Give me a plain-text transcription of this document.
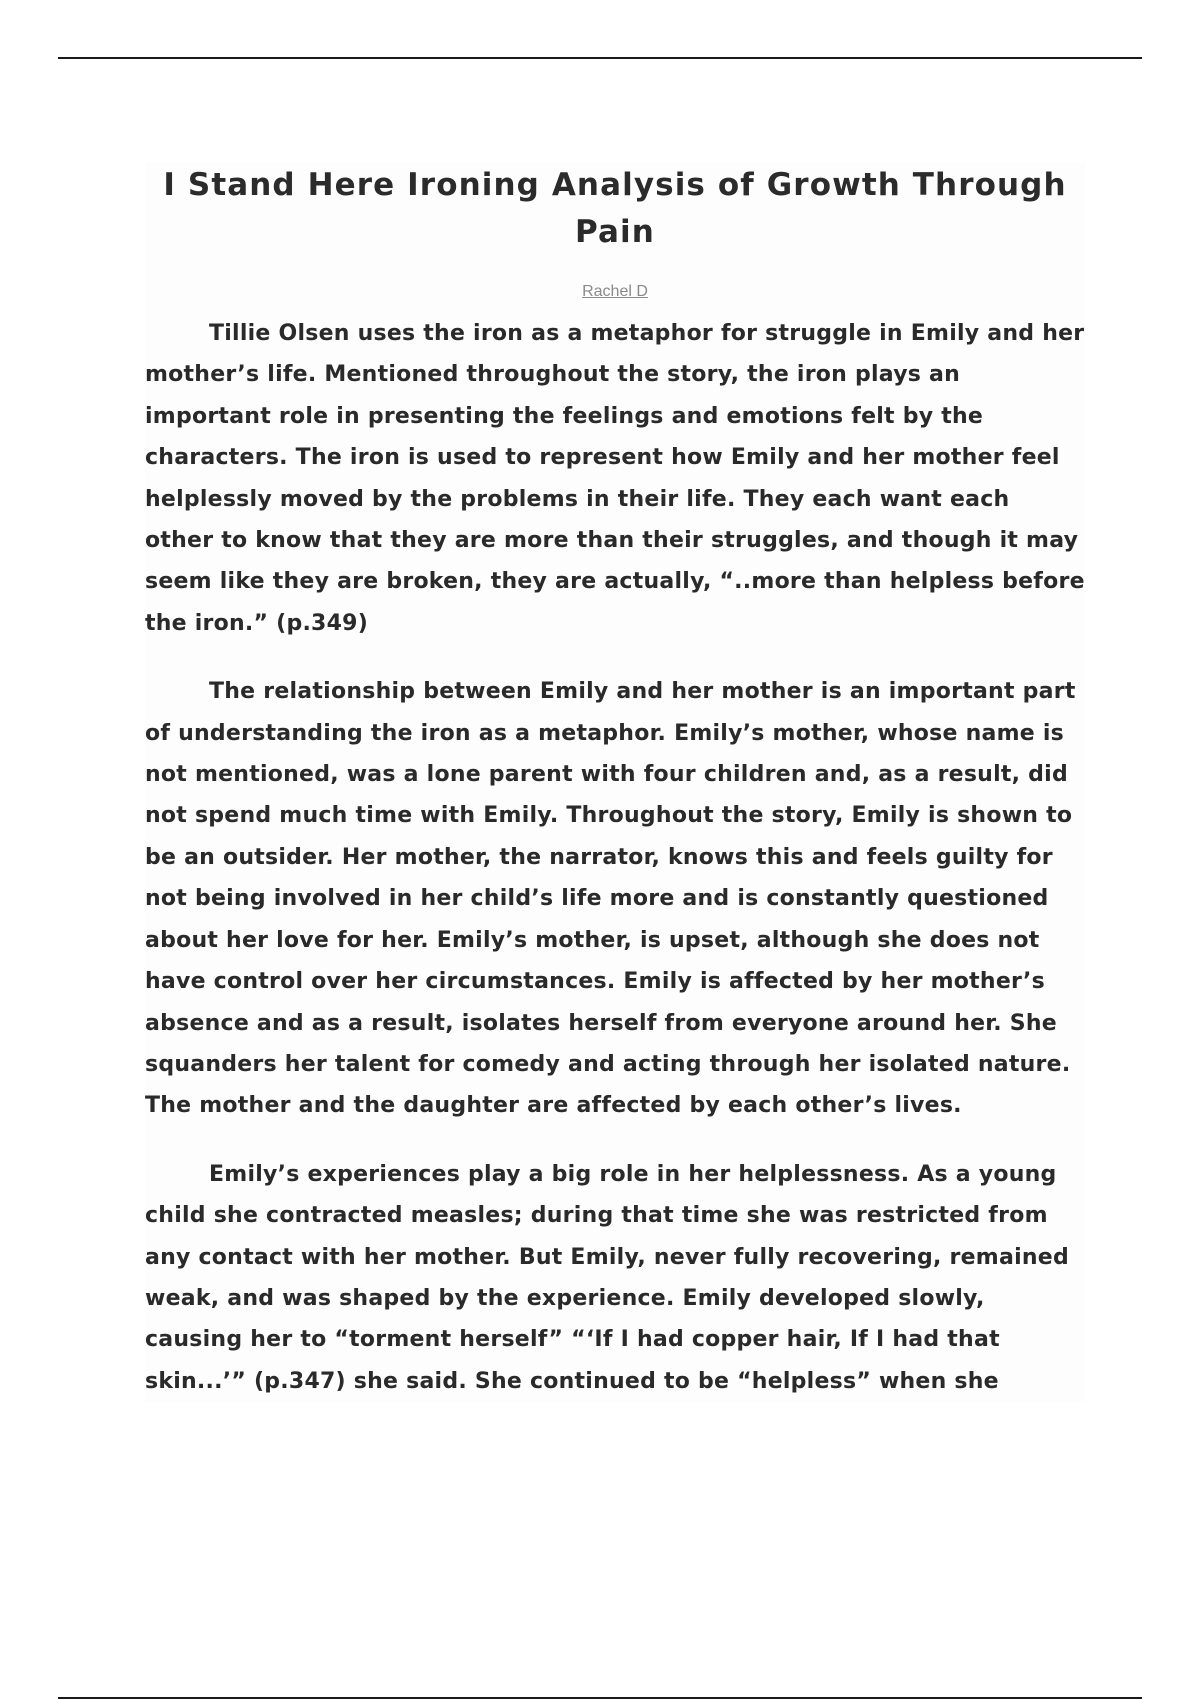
I Stand Here Ironing Analysis of Growth Through Pain
Rachel D

Tillie Olsen uses the iron as a metaphor for struggle in Emily and her mother’s life. Mentioned throughout the story, the iron plays an important role in presenting the feelings and emotions felt by the characters. The iron is used to represent how Emily and her mother feel helplessly moved by the problems in their life. They each want each other to know that they are more than their struggles, and though it may seem like they are broken, they are actually, “..more than helpless before the iron.” (p.349)

The relationship between Emily and her mother is an important part of understanding the iron as a metaphor. Emily’s mother, whose name is not mentioned, was a lone parent with four children and, as a result, did not spend much time with Emily. Throughout the story, Emily is shown to be an outsider. Her mother, the narrator, knows this and feels guilty for not being involved in her child’s life more and is constantly questioned about her love for her. Emily’s mother, is upset, although she does not have control over her circumstances. Emily is affected by her mother’s absence and as a result, isolates herself from everyone around her. She squanders her talent for comedy and acting through her isolated nature. The mother and the daughter are affected by each other’s lives.

Emily’s experiences play a big role in her helplessness. As a young child she contracted measles; during that time she was restricted from any contact with her mother. But Emily, never fully recovering, remained weak, and was shaped by the experience. Emily developed slowly, causing her to “torment herself” “‘If I had copper hair, If I had that skin...’” (p.347) she said. She continued to be “helpless” when she
